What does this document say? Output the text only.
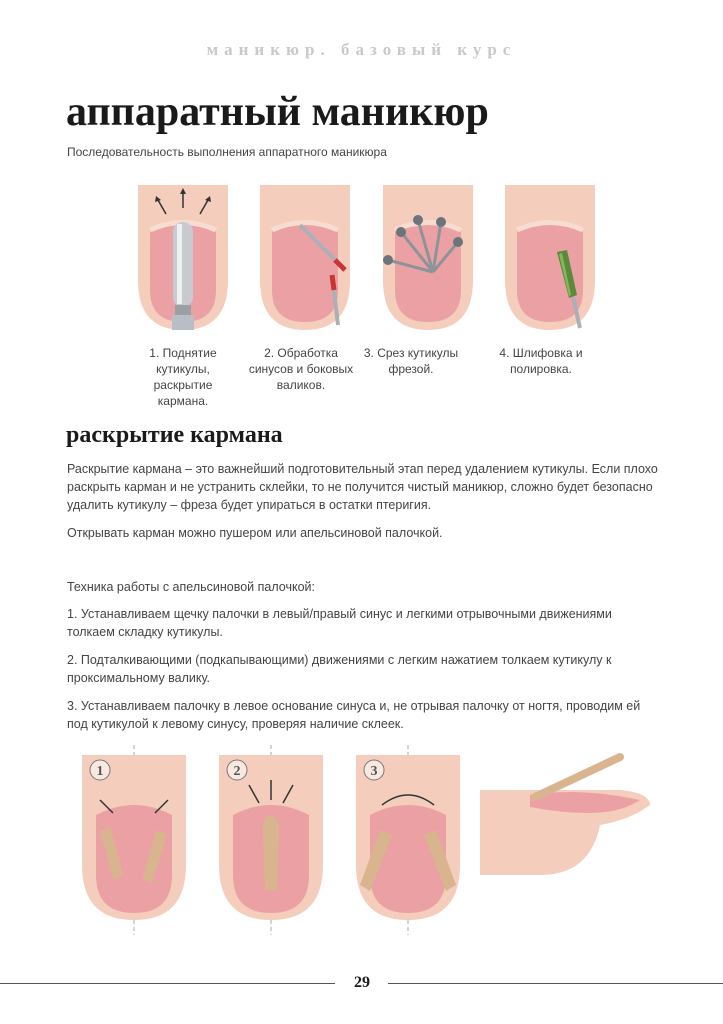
маникюр. базовый курс
аппаратный маникюр
Последовательность выполнения аппаратного маникюра
1. Поднятие кутикулы, раскрытие кармана.
2. Обработка синусов и боковых валиков.
3. Срез кутикулы фрезой.
4. Шлифовка и полировка.
раскрытие кармана

Раскрытие кармана – это важнейший подготовительный этап перед удалением кутикулы. Если плохо раскрыть карман и не устранить склейки, то не получится чистый маникюр, сложно будет безопасно удалить кутикулу – фреза будет упираться в остатки птеригия.

Открывать карман можно пушером или апельсиновой палочкой.

Техника работы с апельсиновой палочкой:

1. Устанавливаем щечку палочки в левый/правый синус и легкими отрывочными движениями толкаем складку кутикулы.

2. Подталкивающими (подкапывающими) движениями с легким нажатием толкаем кутикулу к проксимальному валику.

3. Устанавливаем палочку в левое основание синуса и, не отрывая палочку от ногтя, проводим ей под кутикулой к левому синусу, проверяя наличие склеек.

1	2	3
29
